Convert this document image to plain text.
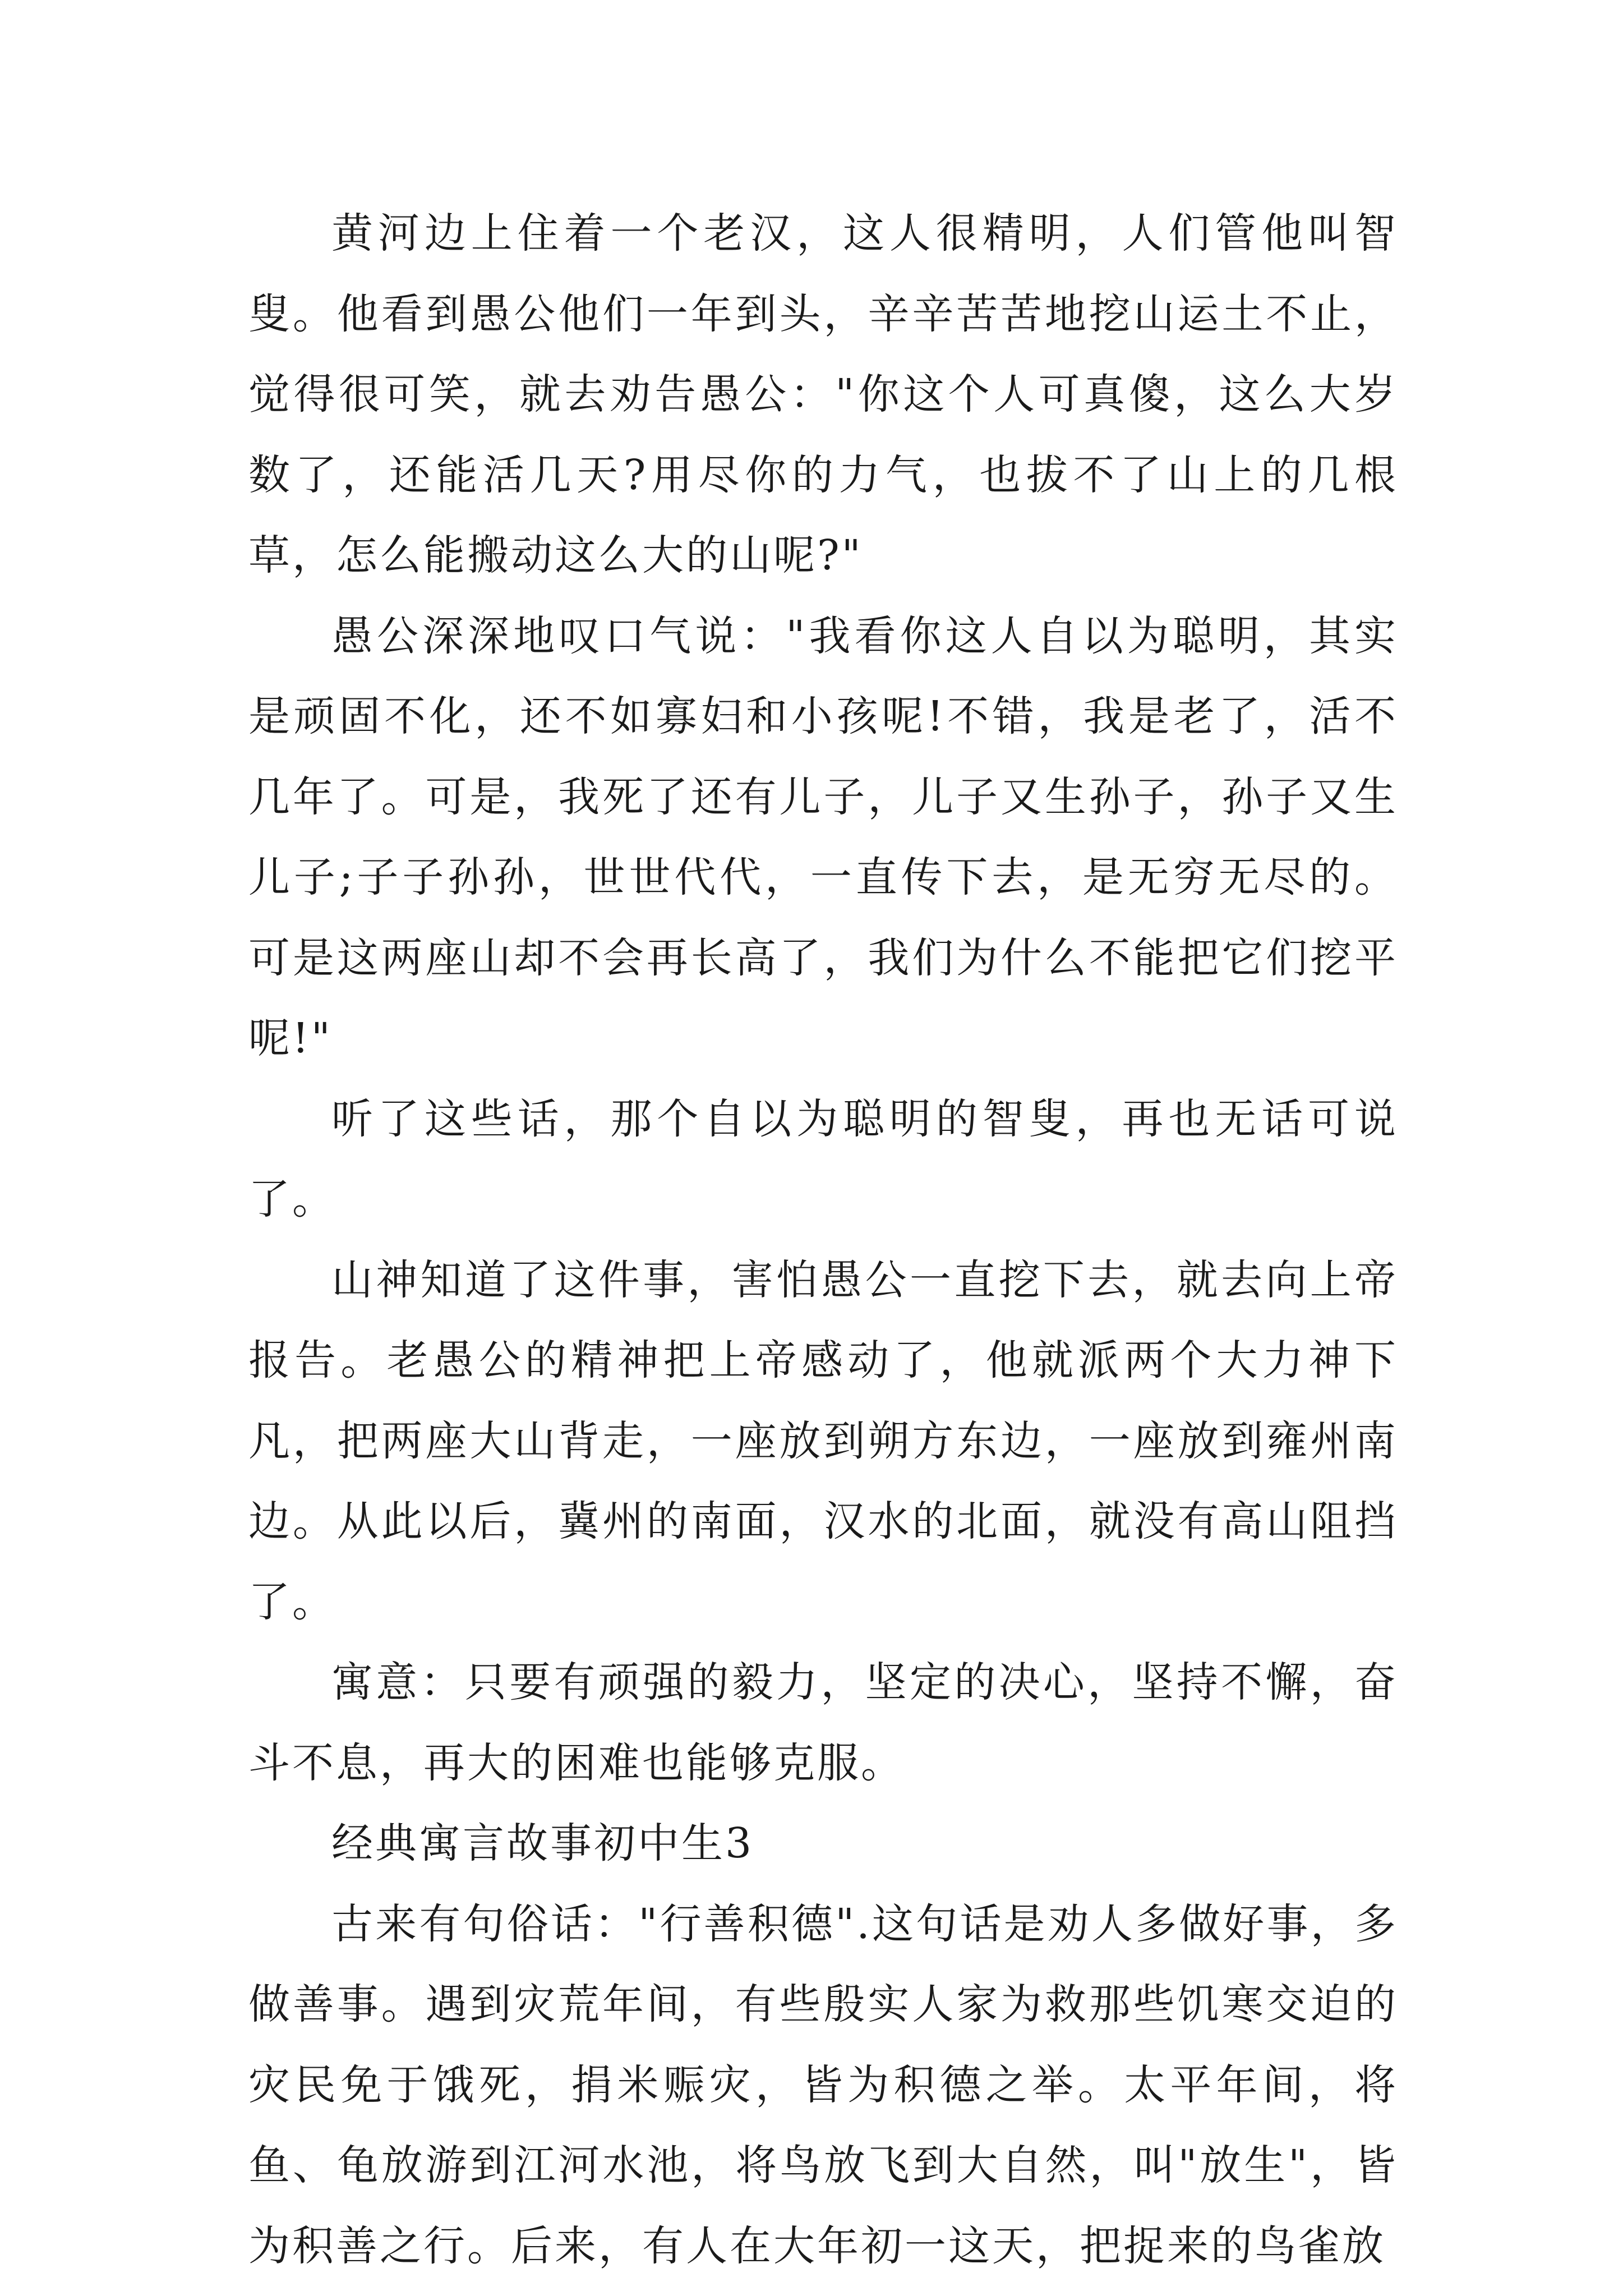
黄河边上住着一个老汉，这人很精明，人们管他叫智叟。他看到愚公他们一年到头，辛辛苦苦地挖山运土不止，觉得很可笑，就去劝告愚公："你这个人可真傻，这么大岁数了，还能活几天?用尽你的力气，也拔不了山上的几根草，怎么能搬动这么大的山呢?"

愚公深深地叹口气说："我看你这人自以为聪明，其实是顽固不化，还不如寡妇和小孩呢!不错，我是老了，活不几年了。可是，我死了还有儿子，儿子又生孙子，孙子又生儿子;子子孙孙，世世代代，一直传下去，是无穷无尽的。可是这两座山却不会再长高了，我们为什么不能把它们挖平呢!"

听了这些话，那个自以为聪明的智叟，再也无话可说了。

山神知道了这件事，害怕愚公一直挖下去，就去向上帝报告。老愚公的精神把上帝感动了，他就派两个大力神下凡，把两座大山背走，一座放到朔方东边，一座放到雍州南边。从此以后，冀州的南面，汉水的北面，就没有高山阻挡了。

寓意：只要有顽强的毅力，坚定的决心，坚持不懈，奋斗不息，再大的困难也能够克服。

经典寓言故事初中生3

古来有句俗话："行善积德".这句话是劝人多做好事，多做善事。遇到灾荒年间，有些殷实人家为救那些饥寒交迫的灾民免于饿死，捐米赈灾，皆为积德之举。太平年间，将鱼、龟放游到江河水池，将鸟放飞到大自然，叫"放生"，皆为积善之行。后来，有人在大年初一这天，把捉来的鸟雀放
